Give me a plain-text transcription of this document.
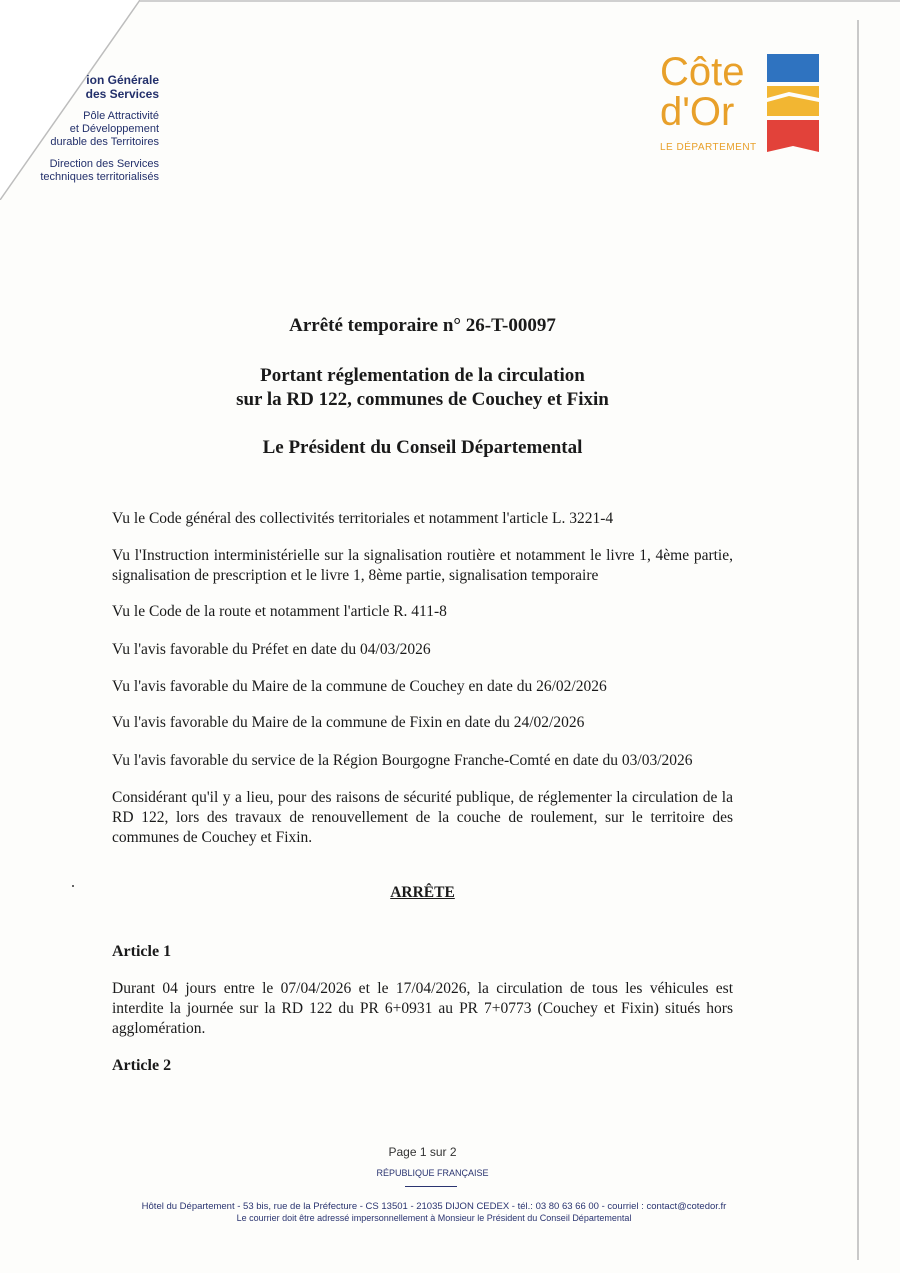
ion Générale
des Services
Pôle Attractivité
et Développement
durable des Territoires
Direction des Services
techniques territorialisés
Côte
d'Or
LE DÉPARTEMENT
Arrêté temporaire n° 26-T-00097
Portant réglementation de la circulation
sur la RD 122, communes de Couchey et Fixin
Le Président du Conseil Départemental
Vu le Code général des collectivités territoriales et notamment l'article L. 3221-4
Vu l'Instruction interministérielle sur la signalisation routière et notamment le livre 1, 4ème partie, signalisation de prescription et le livre 1, 8ème partie, signalisation temporaire
Vu le Code de la route et notamment l'article R. 411-8
Vu l'avis favorable du Préfet en date du 04/03/2026
Vu l'avis favorable du Maire de la commune de Couchey en date du 26/02/2026
Vu l'avis favorable du Maire de la commune de Fixin en date du 24/02/2026
Vu l'avis favorable du service de la Région Bourgogne Franche-Comté en date du 03/03/2026
Considérant qu'il y a lieu, pour des raisons de sécurité publique, de réglementer la circulation de la RD 122, lors des travaux de renouvellement de la couche de roulement, sur le territoire des communes de Couchey et Fixin.
ARRÊTE
Article 1
Durant 04 jours entre le 07/04/2026 et le 17/04/2026, la circulation de tous les véhicules est interdite la journée sur la RD 122 du PR 6+0931 au PR 7+0773 (Couchey et Fixin) situés hors agglomération.
Article 2
Page 1 sur 2
RÉPUBLIQUE FRANÇAISE
Hôtel du Département - 53 bis, rue de la Préfecture - CS 13501 - 21035 DIJON CEDEX - tél.: 03 80 63 66 00 - courriel : contact@cotedor.fr
Le courrier doit être adressé impersonnellement à Monsieur le Président du Conseil Départemental
